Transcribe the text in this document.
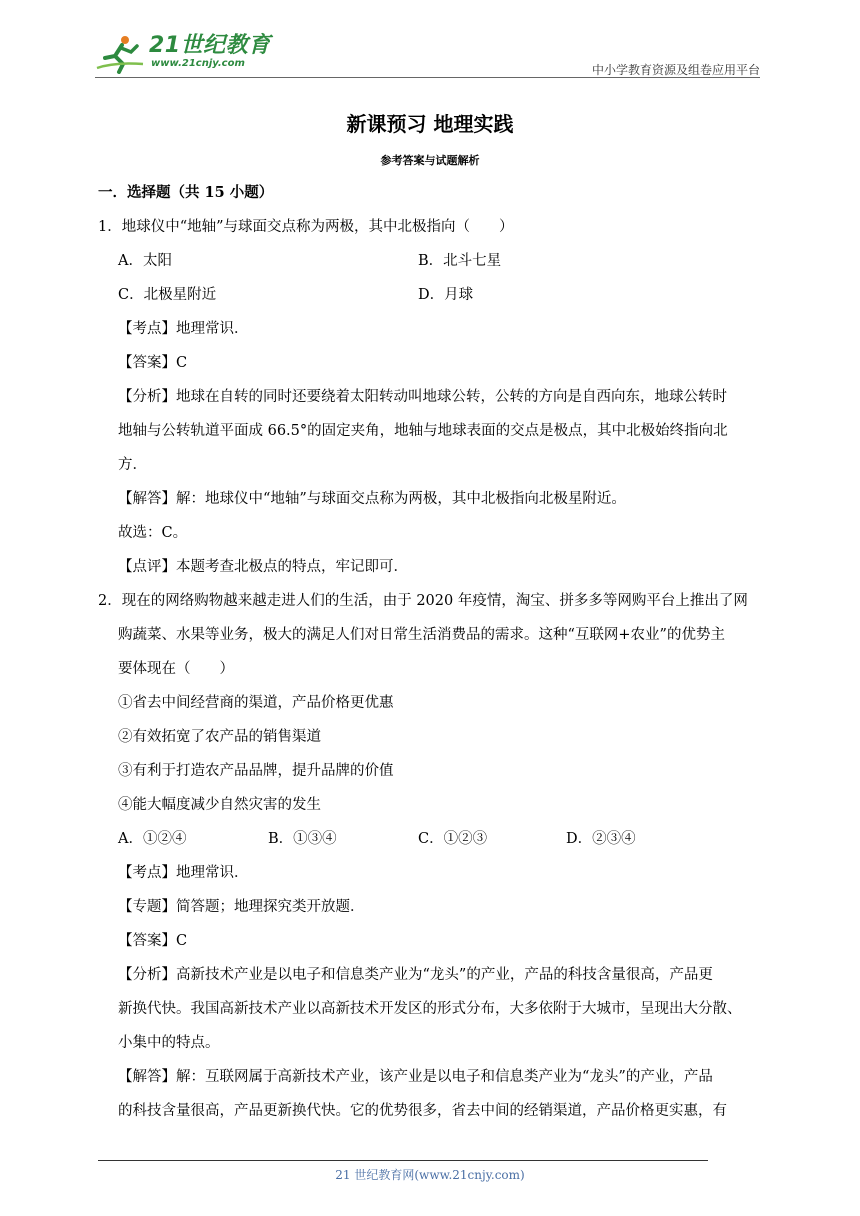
21世纪教育
www.21cnjy.com	中小学教育资源及组卷应用平台
新课预习 地理实践
参考答案与试题解析
一．选择题（共 15 小题）
1．地球仪中“地轴”与球面交点称为两极，其中北极指向（　　）
A．太阳	B．北斗七星
C．北极星附近	D．月球
【考点】地理常识．
【答案】C
【分析】地球在自转的同时还要绕着太阳转动叫地球公转，公转的方向是自西向东，地球公转时
地轴与公转轨道平面成 66.5°的固定夹角，地轴与地球表面的交点是极点，其中北极始终指向北
方．
【解答】解：地球仪中“地轴”与球面交点称为两极，其中北极指向北极星附近。
故选：C。
【点评】本题考查北极点的特点，牢记即可．
2．现在的网络购物越来越走进人们的生活，由于 2020 年疫情，淘宝、拼多多等网购平台上推出了网
购蔬菜、水果等业务，极大的满足人们对日常生活消费品的需求。这种“互联网+农业”的优势主
要体现在（　　）
①省去中间经营商的渠道，产品价格更优惠
②有效拓宽了农产品的销售渠道
③有利于打造农产品品牌，提升品牌的价值
④能大幅度减少自然灾害的发生
A．①②④	B．①③④	C．①②③	D．②③④
【考点】地理常识．
【专题】简答题；地理探究类开放题．
【答案】C
【分析】高新技术产业是以电子和信息类产业为“龙头”的产业，产品的科技含量很高，产品更
新换代快。我国高新技术产业以高新技术开发区的形式分布，大多依附于大城市，呈现出大分散、
小集中的特点。
【解答】解：互联网属于高新技术产业，该产业是以电子和信息类产业为“龙头”的产业，产品
的科技含量很高，产品更新换代快。它的优势很多，省去中间的经销渠道，产品价格更实惠，有
21 世纪教育网(www.21cnjy.com)
